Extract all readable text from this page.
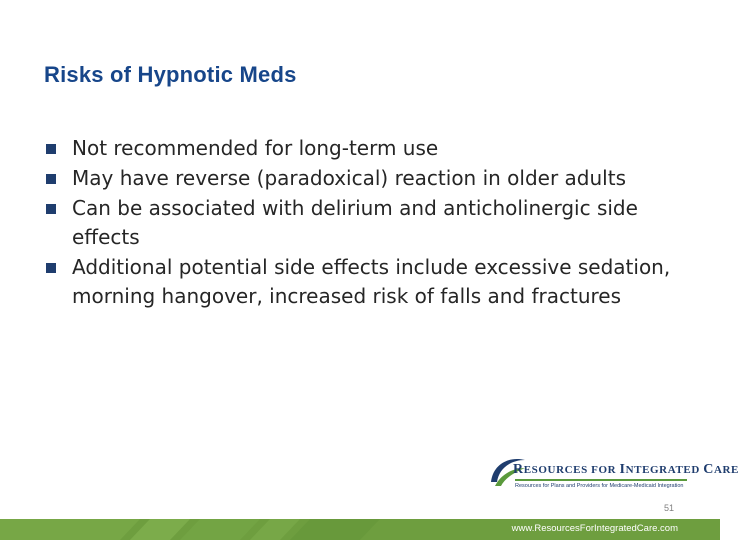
Risks of Hypnotic Meds
Not recommended for long-term use
May have reverse (paradoxical) reaction in older adults
Can be associated with delirium and anticholinergic side effects
Additional potential side effects include excessive sedation, morning hangover, increased risk of falls and fractures
RESOURCES FOR INTEGRATED CARE
Resources for Plans and Providers for Medicare-Medicaid Integration
51
www.ResourcesForIntegratedCare.com
